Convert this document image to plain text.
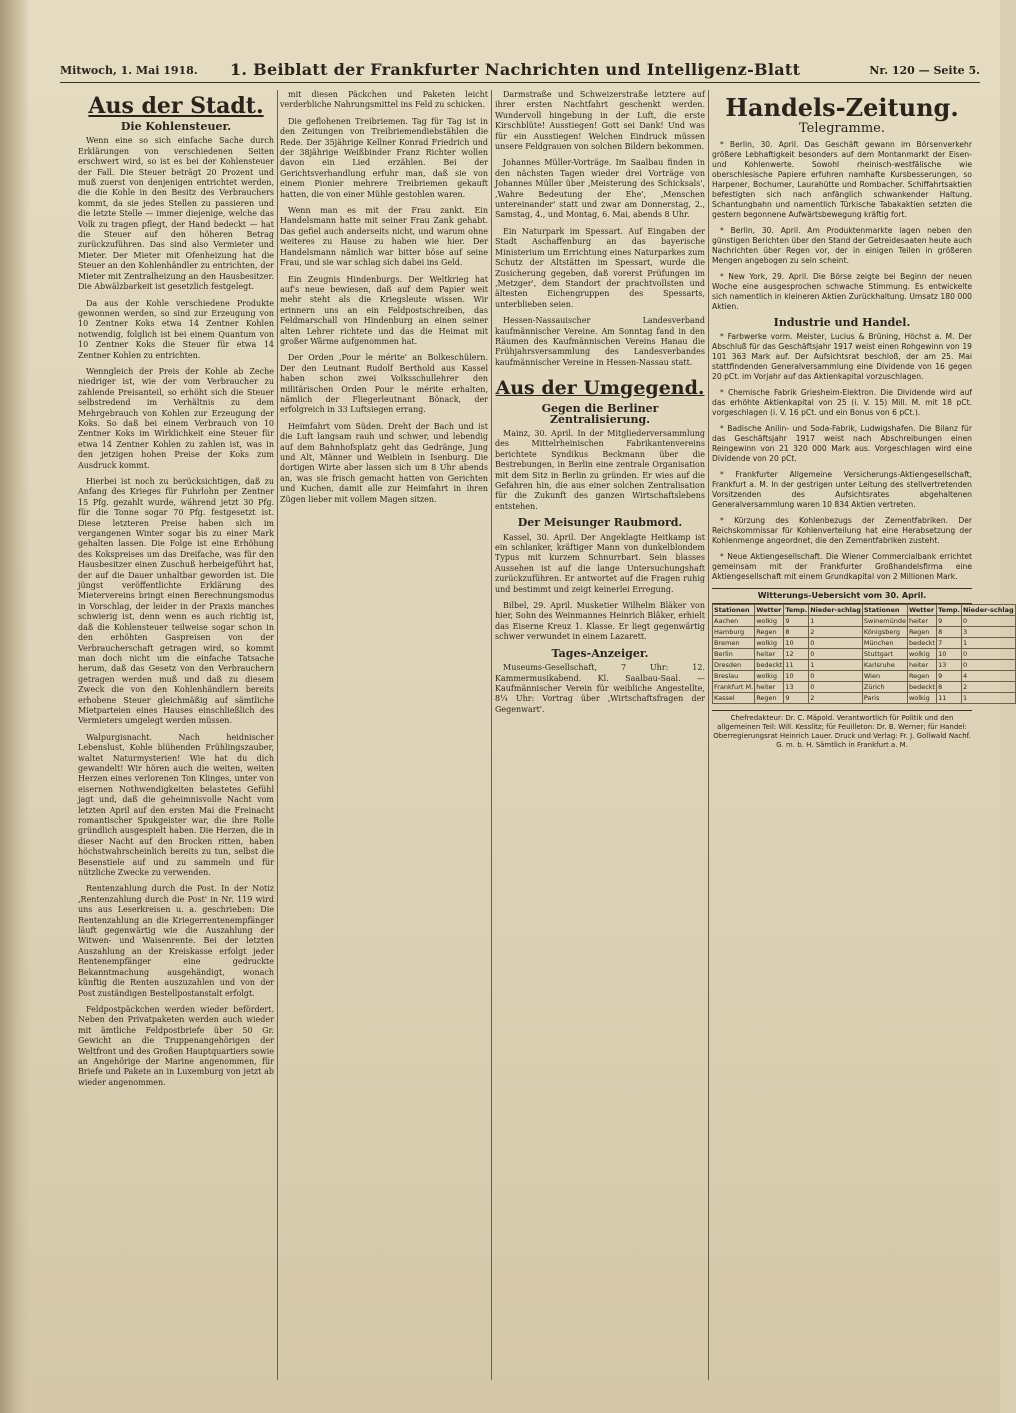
Mitwoch, 1. Mai 1918. 1. Beiblatt der Frankfurter Nachrichten und Intelligenz-Blatt	Nr. 120 — Seite 5.
Aus der Stadt.
Die Kohlensteuer.

Wenn eine so sich einfache Sache durch Erklärungen von verschiedenen Seiten erschwert wird, so ist es bei der Kohlensteuer der Fall. Die Steuer beträgt 20 Prozent und muß zuerst von denjenigen entrichtet werden, die die Kohle in den Besitz des Verbrauchers kommt, da sie jedes Stellen zu passieren und die letzte Stelle — immer diejenige, welche das Volk zu tragen pflegt, der Hand bedeckt — hat die Steuer auf den höheren Betrag zurückzuführen. Das sind also Vermieter und Mieter. Der Mieter mit Ofenheizung hat die Steuer an den Kohlenhändler zu entrichten, der Mieter mit Zentralheizung an den Hausbesitzer. Die Abwälzbarkeit ist gesetzlich festgelegt.

Da aus der Kohle verschiedene Produkte gewonnen werden, so sind zur Erzeugung von 10 Zentner Koks etwa 14 Zentner Kohlen notwendig, folglich ist bei einem Quantum von 10 Zentner Koks die Steuer für etwa 14 Zentner Kohlen zu entrichten.

Wenngleich der Preis der Kohle ab Zeche niedriger ist, wie der vom Verbraucher zu zahlende Preisanteil, so erhöht sich die Steuer selbstredend im Verhältnis zu dem Mehrgebrauch von Kohlen zur Erzeugung der Koks. So daß bei einem Verbrauch von 10 Zentner Koks im Wirklichkeit eine Steuer für etwa 14 Zentner Kohlen zu zahlen ist, was in den jetzigen hohen Preise der Koks zum Ausdruck kommt.

Hierbei ist noch zu berücksichtigen, daß zu Anfang des Krieges für Fuhrlohn per Zentner 15 Pfg. gezahlt wurde, während jetzt 30 Pfg. für die Tonne sogar 70 Pfg. festgesetzt ist. Diese letzteren Preise haben sich im vergangenen Winter sogar bis zu einer Mark gehalten lassen. Die Folge ist eine Erhöhung des Kokspreises um das Dreifache, was für den Hausbesitzer einen Zuschuß herbeigeführt hat, der auf die Dauer unhaltbar geworden ist. Die jüngst veröffentlichte Erklärung des Mietervereins bringt einen Berechnungsmodus in Vorschlag, der leider in der Praxis manches schwierig ist, denn wenn es auch richtig ist, daß die Kohlensteuer teilweise sogar schon in den erhöhten Gaspreisen von der Verbraucherschaft getragen wird, so kommt man doch nicht um die einfache Tatsache herum, daß das Gesetz von den Verbrauchern getragen werden muß und daß zu diesem Zweck die von den Kohlenhändlern bereits erhobene Steuer gleichmäßig auf sämtliche Mietparteien eines Hauses einschließlich des Vermieters umgelegt werden müssen.

Walpurgisnacht. Nach heidnischer Lebenslust, Kohle blühenden Frühlingszauber, waltet Naturmysterien! Wie hat du dich gewandelt! Wir hören auch die weiten, weiten Herzen eines verlorenen Ton Klinges, unter von eisernen Nothwendigkeiten belastetes Gefühl jagt und, daß die geheimnisvolle Nacht vom letzten April auf den ersten Mai die Freinacht romantischer Spukgeister war, die ihre Rolle gründlich ausgespielt haben. Die Herzen, die in dieser Nacht auf den Brocken ritten, haben höchstwahrscheinlich bereits zu tun, selbst die Besenstiele auf und zu sammeln und für nützliche Zwecke zu verwenden.

Rentenzahlung durch die Post. In der Notiz ‚Rentenzahlung durch die Post' in Nr. 119 wird uns aus Leserkreisen u. a. geschrieben: Die Rentenzahlung an die Kriegerrentenempfänger läuft gegenwärtig wie die Auszahlung der Witwen- und Waisenrente. Bei der letzten Auszahlung an der Kreiskasse erfolgt jeder Rentenempfänger eine gedruckte Bekanntmachung ausgehändigt, wonach künftig die Renten auszuzahlen und von der Post zuständigen Bestellpostanstalt erfolgt.

Feldpostpäckchen werden wieder befördert. Neben den Privatpaketen werden auch wieder mit ämtliche Feldpostbriefe über 50 Gr. Gewicht an die Truppenangehörigen der Weltfront und des Großen Hauptquartiers sowie an Angehörige der Marine angenommen, für Briefe und Pakete an in Luxemburg von jetzt ab wieder angenommen.

mit diesen Päckchen und Paketen leicht verderbliche Nahrungsmittel ins Feld zu schicken.

Die geflohenen Treibriemen. Tag für Tag ist in den Zeitungen von Treibriemendiebstählen die Rede. Der 35jährige Kellner Konrad Friedrich und der 38jährige Weißbinder Franz Richter wollen davon ein Lied erzählen. Bei der Gerichtsverhandlung erfuhr man, daß sie von einem Pionier mehrere Treibriemen gekauft hatten, die von einer Mühle gestohlen waren.

Wenn man es mit der Frau zankt. Ein Handelsmann hatte mit seiner Frau Zank gehabt. Das gefiel auch anderseits nicht, und warum ohne weiteres zu Hause zu haben wie hier. Der Handelsmann nämlich war bitter böse auf seine Frau, und sie war schlag sich dabei ins Geld.

Ein Zeugnis Hindenburgs. Der Weltkrieg hat auf's neue bewiesen, daß auf dem Papier weit mehr steht als die Kriegsleute wissen. Wir erinnern uns an ein Feldpostschreiben, das Feldmarschall von Hindenburg an einen seiner alten Lehrer richtete und das die Heimat mit großer Wärme aufgenommen hat.

Der Orden ‚Pour le mérite' an Bolkeschülern. Der den Leutnant Rudolf Berthold aus Kassel haben schon zwei Volksschullehrer den militärischen Orden Pour le mérite erhalten, nämlich der Fliegerleutnant Bönack, der erfolgreich in 33 Luftsiegen errang.

Heimfahrt vom Süden. Dreht der Bach und ist die Luft langsam rauh und schwer, und lebendig auf dem Bahnhofsplatz geht das Gedränge, Jung und Alt, Männer und Weiblein in Isenburg. Die dortigen Wirte aber lassen sich um 8 Uhr abends an, was sie frisch gemacht hatten von Gerichten und Kuchen, damit alle zur Heimfahrt in ihren Zügen lieber mit vollem Magen sitzen.

Darmstraße und Schweizerstraße letztere auf ihrer ersten Nachtfahrt geschenkt werden. Wundervoll hingebung in der Luft, die erste Kirschblüte! Ausstiegen! Gott sei Dank! Und was für ein Ausstiegen! Welchen Eindruck müssen unsere Feldgrauen von solchen Bildern bekommen.

Johannes Müller-Vorträge. Im Saalbau finden in den nächsten Tagen wieder drei Vorträge von Johannes Müller über ‚Meisterung des Schicksals', ‚Wahre Bedeutung der Ehe', ‚Menschen untereinander' statt und zwar am Donnerstag, 2., Samstag, 4., und Montag, 6. Mai, abends 8 Uhr.

Ein Naturpark im Spessart. Auf Eingaben der Stadt Aschaffenburg an das bayerische Ministerium um Errichtung eines Naturparkes zum Schutz der Altstätten im Spessart, wurde die Zusicherung gegeben, daß vorerst Prüfungen im ‚Metzger', dem Standort der prachtvollsten und ältesten Eichengruppen des Spessarts, unterblieben seien.

Hessen-Nassauischer Landesverband kaufmännischer Vereine. Am Sonntag fand in den Räumen des Kaufmännischen Vereins Hanau die Frühjahrsversammlung des Landesverbandes kaufmännischer Vereine in Hessen-Nassau statt.

Aus der Umgegend.
Gegen die Berliner Zentralisierung.

Mainz, 30. April. In der Mitgliederversammlung des Mittelrheinischen Fabrikantenvereins berichtete Syndikus Beckmann über die Bestrebungen, in Berlin eine zentrale Organisation mit dem Sitz in Berlin zu gründen. Er wies auf die Gefahren hin, die aus einer solchen Zentralisation für die Zukunft des ganzen Wirtschaftslebens entstehen.

Der Meisunger Raubmord.

Kassel, 30. April. Der Angeklagte Heitkamp ist ein schlanker, kräftiger Mann von dunkelblondem Typus mit kurzem Schnurrbart. Sein blasses Aussehen ist auf die lange Untersuchungshaft zurückzuführen. Er antwortet auf die Fragen ruhig und bestimmt und zeigt keinerlei Erregung.

Bilbel, 29. April. Musketier Wilhelm Bläker von hier, Sohn des Weinmannes Heinrich Bläker, erhielt das Eiserne Kreuz 1. Klasse. Er liegt gegenwärtig schwer verwundet in einem Lazarett.

Tages-Anzeiger.

Museums-Gesellschaft, 7 Uhr: 12. Kammermusikabend. Kl. Saalbau-Saal. — Kaufmännischer Verein für weibliche Angestellte, 8¼ Uhr: Vortrag über ‚Wirtschaftsfragen der Gegenwart'.

Handels-Zeitung.
Telegramme.

* Berlin, 30. April. Das Geschäft gewann im Börsenverkehr größere Lebhaftigkeit besonders auf dem Montanmarkt der Eisen- und Kohlenwerte. Sowohl rheinisch-westfälische wie oberschlesische Papiere erfuhren namhafte Kursbesserungen, so Harpener, Bochumer, Laurahütte und Rombacher. Schiffahrtsaktien befestigten sich nach anfänglich schwankender Haltung. Schantungbahn und namentlich Türkische Tabakaktien setzten die gestern begonnene Aufwärtsbewegung kräftig fort.

* Berlin, 30. April. Am Produktenmarkte lagen neben den günstigen Berichten über den Stand der Getreidesaaten heute auch Nachrichten über Regen vor, der in einigen Teilen in größeren Mengen angebogen zu sein scheint.

* New York, 29. April. Die Börse zeigte bei Beginn der neuen Woche eine ausgesprochen schwache Stimmung. Es entwickelte sich namentlich in kleineren Aktien Zurückhaltung. Umsatz 180 000 Aktien.

Industrie und Handel.

* Farbwerke vorm. Meister, Lucius & Brüning, Höchst a. M. Der Abschluß für das Geschäftsjahr 1917 weist einen Rohgewinn von 19 101 363 Mark auf. Der Aufsichtsrat beschloß, der am 25. Mai stattfindenden Generalversammlung eine Dividende von 16 gegen 20 pCt. im Vorjahr auf das Aktienkapital vorzuschlagen.

* Chemische Fabrik Griesheim-Elektron. Die Dividende wird auf das erhöhte Aktienkapital von 25 (i. V. 15) Mill. M. mit 18 pCt. vorgeschlagen (i. V. 16 pCt. und ein Bonus von 6 pCt.).

* Badische Anilin- und Soda-Fabrik, Ludwigshafen. Die Bilanz für das Geschäftsjahr 1917 weist nach Abschreibungen einen Reingewinn von 21 320 000 Mark aus. Vorgeschlagen wird eine Dividende von 20 pCt.

* Frankfurter Allgemeine Versicherungs-Aktiengesellschaft, Frankfurt a. M. In der gestrigen unter Leitung des stellvertretenden Vorsitzenden des Aufsichtsrates abgehaltenen Generalversammlung waren 10 834 Aktien vertreten.

* Kürzung des Kohlenbezugs der Zementfabriken. Der Reichskommissar für Kohlenverteilung hat eine Herabsetzung der Kohlenmenge angeordnet, die den Zementfabriken zusteht.

* Neue Aktiengesellschaft. Die Wiener Commercialbank errichtet gemeinsam mit der Frankfurter Großhandelsfirma eine Aktiengesellschaft mit einem Grundkapital von 2 Millionen Mark.

Witterungs-Uebersicht vom 30. April.
Stationen	Wetter	Temp.	Nieder-schlag	Stationen	Wetter	Temp.	Nieder-schlag
Aachen	wolkig	9	1	Swinemünde	heiter	9	0
Hamburg	Regen	8	2	Königsberg	Regen	8	3
Bremen	wolkig	10	0	München	bedeckt	7	1
Berlin	heiter	12	0	Stuttgart	wolkig	10	0
Dresden	bedeckt	11	1	Karlsruhe	heiter	13	0
Breslau	wolkig	10	0	Wien	Regen	9	4
Frankfurt M.	heiter	13	0	Zürich	bedeckt	8	2
Kassel	Regen	9	2	Paris	wolkig	11	1
Chefredakteur: Dr. C. Mäpold. Verantwortlich für Politik und den allgemeinen Teil: Will. Kesslitz; für Feuilleton: Dr. B. Werner; für Handel: Oberregierungsrat Heinrich Lauer. Druck und Verlag: Fr. J. Gollwald Nachf. G. m. b. H. Sämtlich in Frankfurt a. M.
